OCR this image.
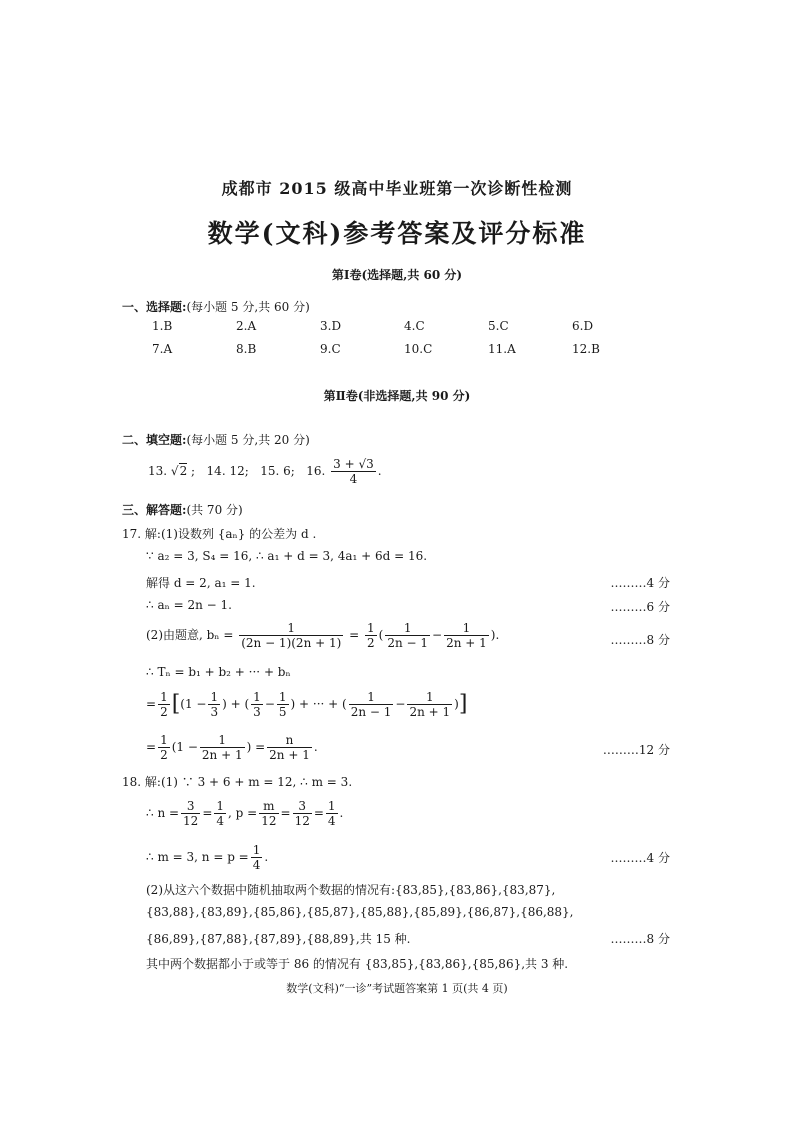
成都市 2015 级高中毕业班第一次诊断性检测
数学(文科)参考答案及评分标准
第Ⅰ卷(选择题,共 60 分)
一、选择题:(每小题 5 分,共 60 分)
1.B	2.A	3.D	4.C	5.C	6.D
7.A	8.B	9.C	10.C	11.A	12.B
第Ⅱ卷(非选择题,共 90 分)
二、填空题:(每小题 5 分,共 20 分)
13. √2 ;   14. 12; 15. 6; 16. $\frac{3 + √3}{4}$ .
三、解答题:(共 70 分)
17. 解:(1)设数列 {aₙ} 的公差为 d .
∵ a₂ = 3, S₄ = 16, ∴ a₁ + d = 3, 4a₁ + 6d = 16.
解得 d = 2, a₁ = 1.	………4 分
∴ aₙ = 2n − 1.	………6 分
(2)由题意, $b_n = \frac{1}{(2n - 1)(2n + 1)} = \frac{1}{2}$ ( $\frac{1}{2n - 1} - \frac{1}{2n + 1}$ ).	………8 分
∴ Tₙ = b₁ + b₂ + ··· + bₙ
= $\frac{1}{2} [(1 - \frac{1}{3}$ ) + ( $\frac{1}{3} - \frac{1}{5}$ ) + ··· + ( $\frac{1}{2n - 1} - \frac{1}{2n + 1}$ )]
= $\frac{1}{2} (1 - \frac{1}{2n + 1}$ ) = $\frac{n}{2n + 1}$ .	………12 分
18. 解:(1) ∵ 3 + 6 + m = 12, ∴ m = 3.
∴ $n = \frac{3}{12} = \frac{1}{4}$ , $p = \frac{m}{12} = \frac{3}{12} = \frac{1}{4}$ .
∴ m = 3, $n = p = \frac{1}{4}$ .	………4 分
(2)从这六个数据中随机抽取两个数据的情况有:{83,85},{83,86},{83,87},
{83,88},{83,89},{85,86},{85,87},{85,88},{85,89},{86,87},{86,88},
{86,89},{87,88},{87,89},{88,89},共 15 种.	………8 分
其中两个数据都小于或等于 86 的情况有 {83,85},{83,86},{85,86},共 3 种.
数学(文科)“一诊”考试题答案第 1 页(共 4 页)
